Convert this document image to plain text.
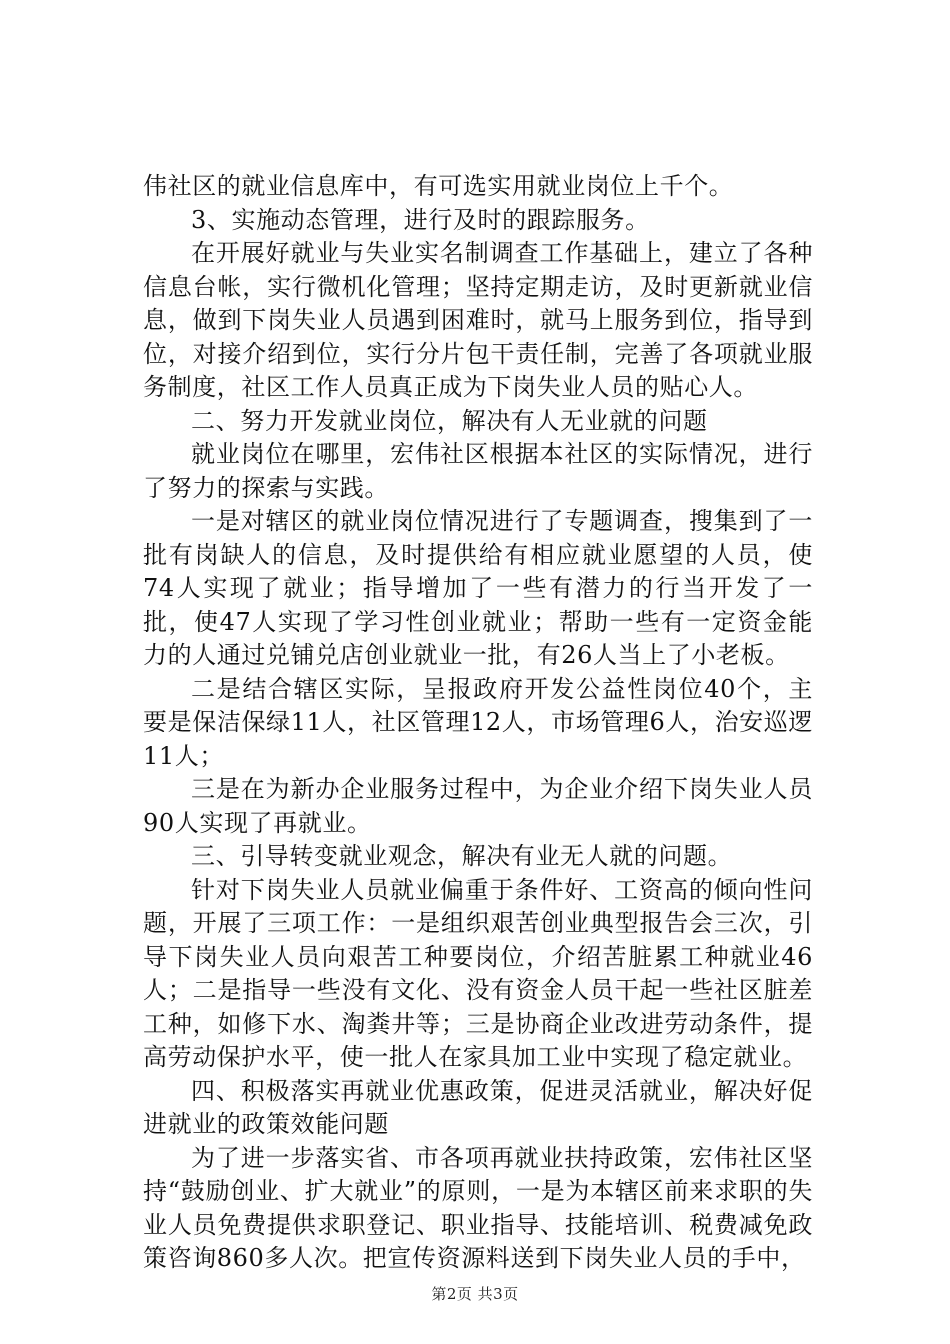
伟社区的就业信息库中，有可选实用就业岗位上千个。

3、实施动态管理，进行及时的跟踪服务。

在开展好就业与失业实名制调查工作基础上，建立了各种信息台帐，实行微机化管理；坚持定期走访，及时更新就业信息，做到下岗失业人员遇到困难时，就马上服务到位，指导到位，对接介绍到位，实行分片包干责任制，完善了各项就业服务制度，社区工作人员真正成为下岗失业人员的贴心人。

二、努力开发就业岗位，解决有人无业就的问题

就业岗位在哪里，宏伟社区根据本社区的实际情况，进行了努力的探索与实践。

一是对辖区的就业岗位情况进行了专题调查，搜集到了一批有岗缺人的信息，及时提供给有相应就业愿望的人员，使74人实现了就业；指导增加了一些有潜力的行当开发了一批，使47人实现了学习性创业就业；帮助一些有一定资金能力的人通过兑铺兑店创业就业一批，有26人当上了小老板。

二是结合辖区实际，呈报政府开发公益性岗位40个，主要是保洁保绿11人，社区管理12人，市场管理6人，治安巡逻11人；

三是在为新办企业服务过程中，为企业介绍下岗失业人员90人实现了再就业。

三、引导转变就业观念，解决有业无人就的问题。

针对下岗失业人员就业偏重于条件好、工资高的倾向性问题，开展了三项工作：一是组织艰苦创业典型报告会三次，引导下岗失业人员向艰苦工种要岗位，介绍苦脏累工种就业46人；二是指导一些没有文化、没有资金人员干起一些社区脏差工种，如修下水、淘粪井等；三是协商企业改进劳动条件，提高劳动保护水平，使一批人在家具加工业中实现了稳定就业。

四、积极落实再就业优惠政策，促进灵活就业，解决好促进就业的政策效能问题

为了进一步落实省、市各项再就业扶持政策，宏伟社区坚持“鼓励创业、扩大就业”的原则，一是为本辖区前来求职的失业人员免费提供求职登记、职业指导、技能培训、税费减免政策咨询860多人次。把宣传资源料送到下岗失业人员的手中，

第2页 共3页
